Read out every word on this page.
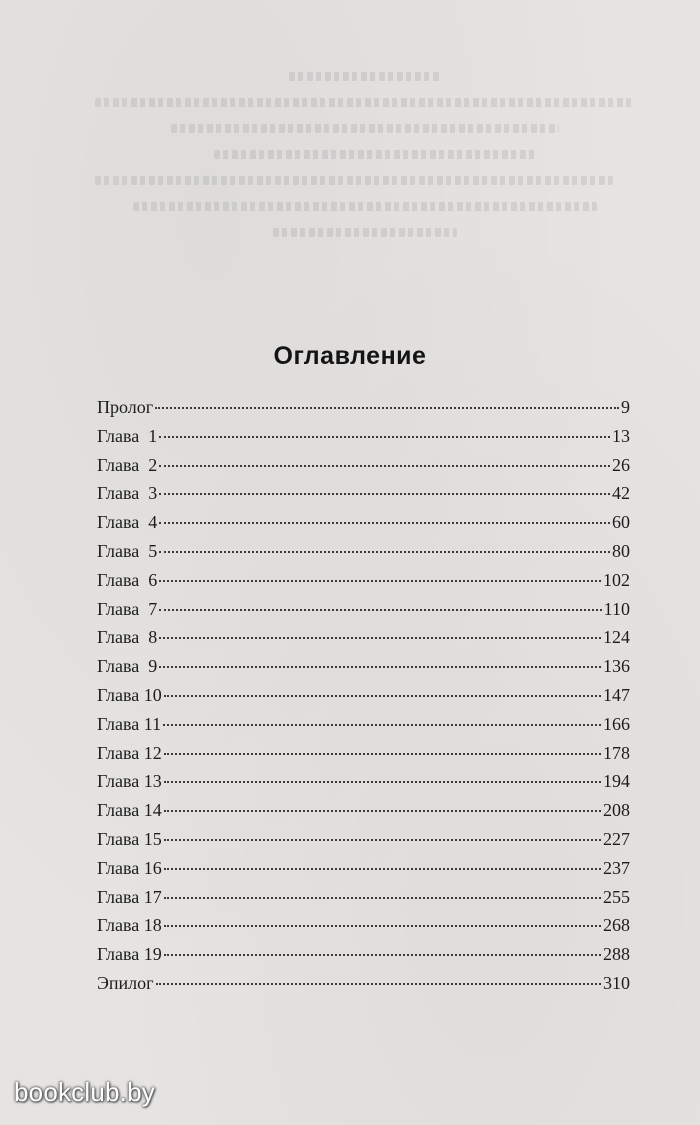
Оглавление
Пролог	9
Глава  1	13
Глава  2	26
Глава  3	42
Глава  4	60
Глава  5	80
Глава  6	102
Глава  7	110
Глава  8	124
Глава  9	136
Глава 10	147
Глава 11	166
Глава 12	178
Глава 13	194
Глава 14	208
Глава 15	227
Глава 16	237
Глава 17	255
Глава 18	268
Глава 19	288
Эпилог	310
bookclub.by
